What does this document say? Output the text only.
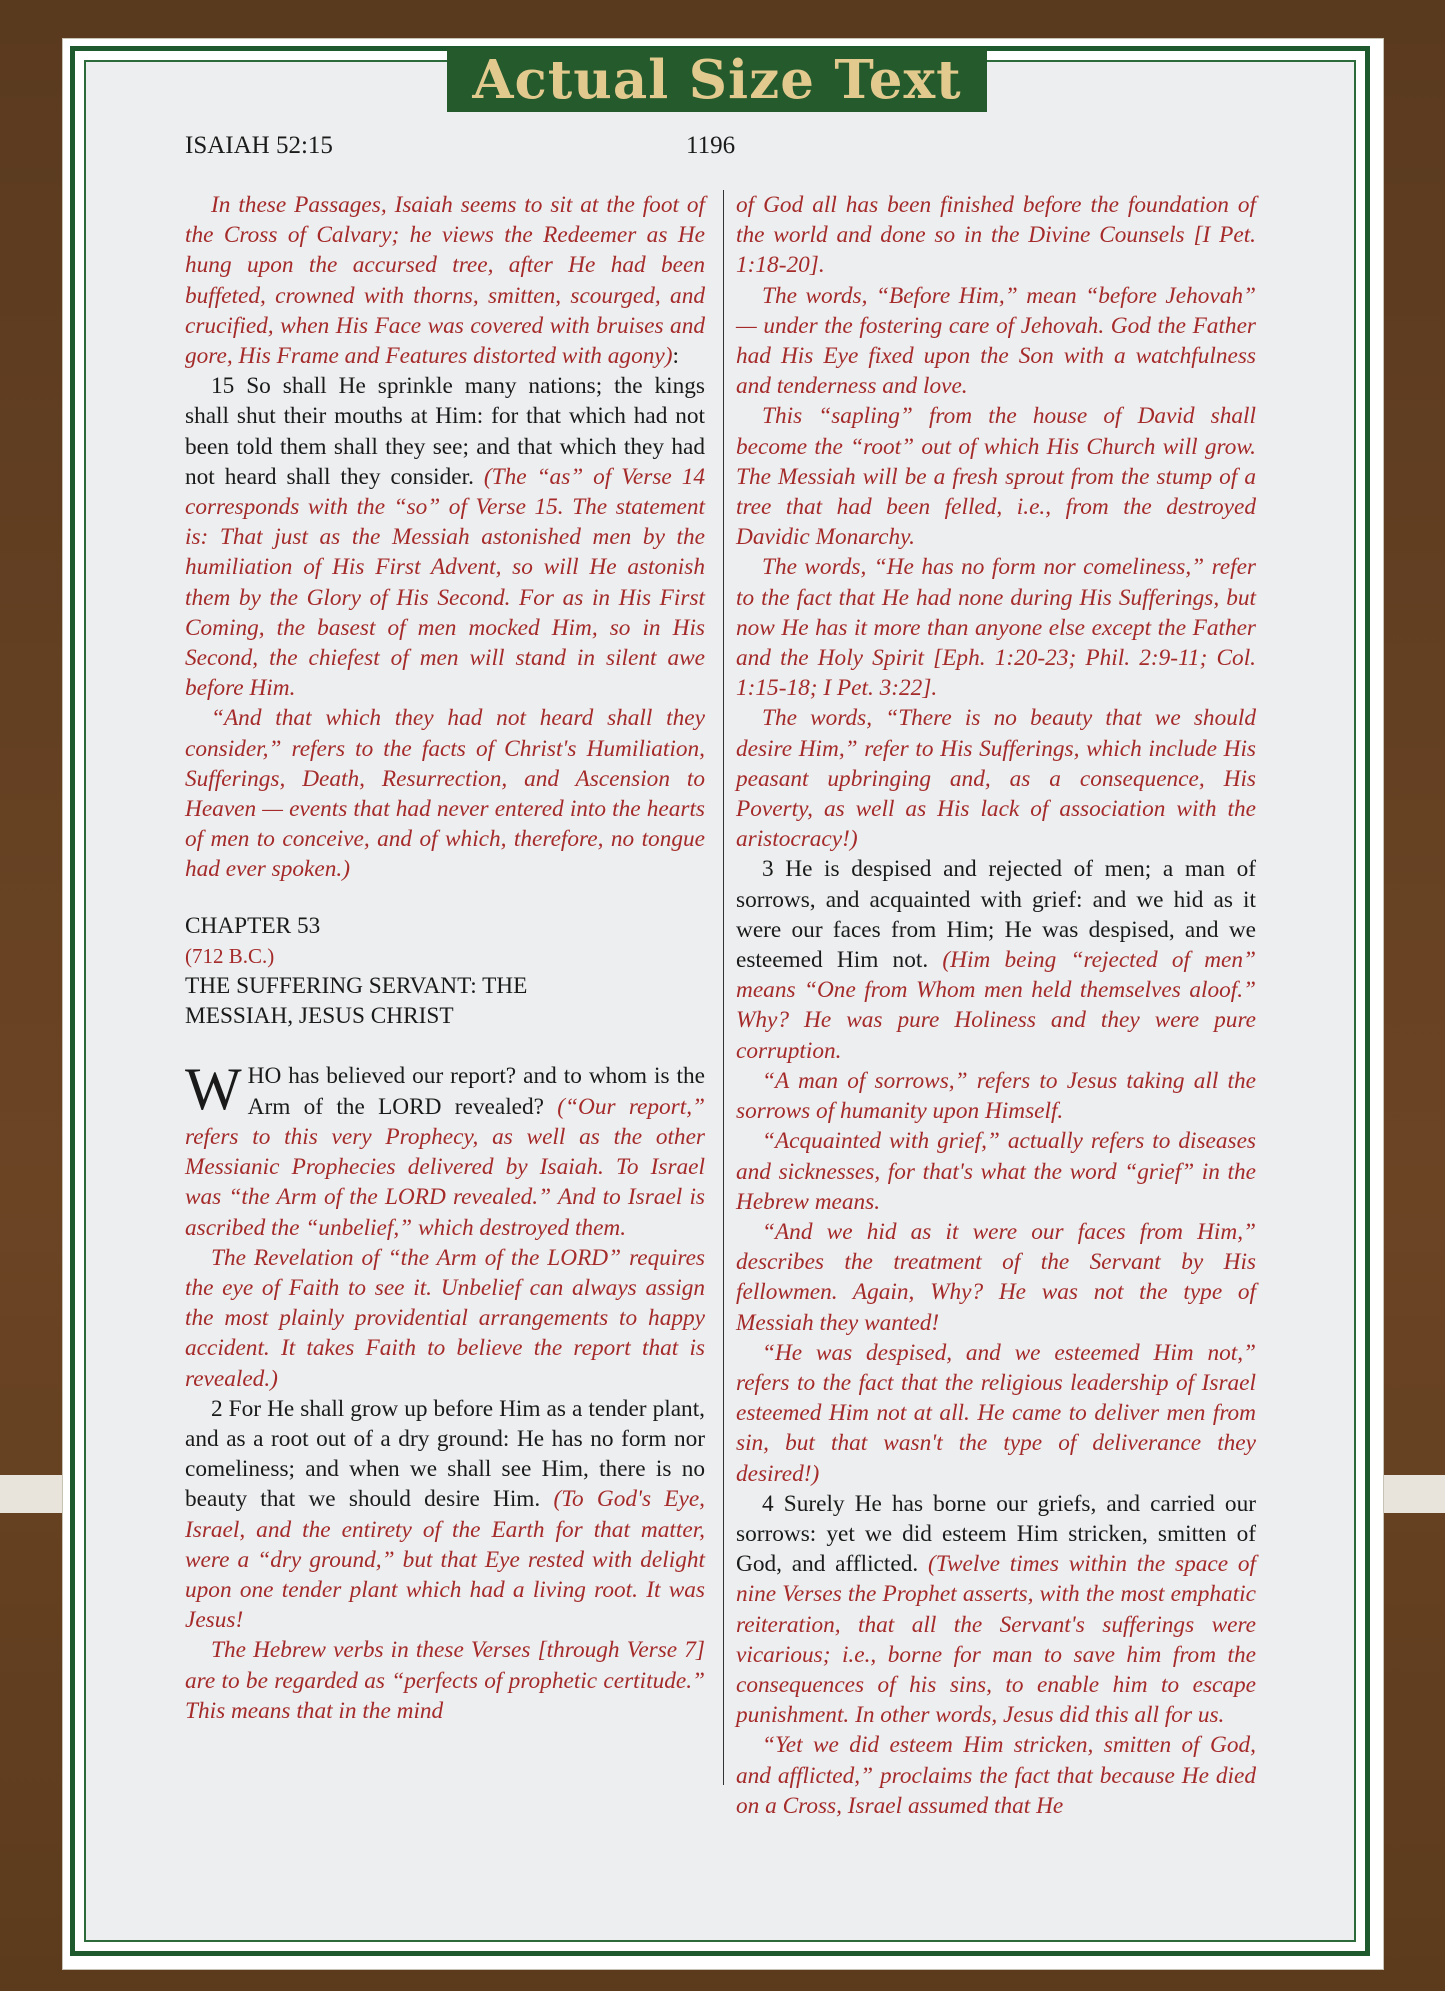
Actual Size Text
ISAIAH 52:15	1196

In these Passages, Isaiah seems to sit at the foot of the Cross of Calvary; he views the Redeemer as He hung upon the accursed tree, after He had been buffeted, crowned with thorns, smitten, scourged, and crucified, when His Face was covered with bruises and gore, His Frame and Features distorted with agony):

15 So shall He sprinkle many nations; the kings shall shut their mouths at Him: for that which had not been told them shall they see; and that which they had not heard shall they consider. (The “as” of Verse 14 corresponds with the “so” of Verse 15. The statement is: That just as the Messiah astonished men by the humiliation of His First Advent, so will He astonish them by the Glory of His Second. For as in His First Coming, the basest of men mocked Him, so in His Second, the chiefest of men will stand in silent awe before Him.

“And that which they had not heard shall they consider,” refers to the facts of Christ's Humiliation, Sufferings, Death, Resurrection, and Ascension to Heaven — events that had never entered into the hearts of men to conceive, and of which, therefore, no tongue had ever spoken.)

CHAPTER 53

(712 B.C.)

THE SUFFERING SERVANT: THE

MESSIAH, JESUS CHRIST

WHO has believed our report? and to whom is the Arm of the LORD revealed? (“Our report,” refers to this very Prophecy, as well as the other Messianic Prophecies delivered by Isaiah. To Israel was “the Arm of the LORD revealed.” And to Israel is ascribed the “unbelief,” which destroyed them.

The Revelation of “the Arm of the LORD” requires the eye of Faith to see it. Unbelief can always assign the most plainly providential arrangements to happy accident. It takes Faith to believe the report that is revealed.)

2 For He shall grow up before Him as a tender plant, and as a root out of a dry ground: He has no form nor comeliness; and when we shall see Him, there is no beauty that we should desire Him. (To God's Eye, Israel, and the entirety of the Earth for that matter, were a “dry ground,” but that Eye rested with delight upon one tender plant which had a living root. It was Jesus!

The Hebrew verbs in these Verses [through Verse 7] are to be regarded as “perfects of prophetic certitude.” This means that in the mind

of God all has been finished before the foundation of the world and done so in the Divine Counsels [I Pet. 1:18-20].

The words, “Before Him,” mean “before Jehovah” — under the fostering care of Jehovah. God the Father had His Eye fixed upon the Son with a watchfulness and tenderness and love.

This “sapling” from the house of David shall become the “root” out of which His Church will grow. The Messiah will be a fresh sprout from the stump of a tree that had been felled, i.e., from the destroyed Davidic Monarchy.

The words, “He has no form nor comeliness,” refer to the fact that He had none during His Sufferings, but now He has it more than anyone else except the Father and the Holy Spirit [Eph. 1:20-23; Phil. 2:9-11; Col. 1:15-18; I Pet. 3:22].

The words, “There is no beauty that we should desire Him,” refer to His Sufferings, which include His peasant upbringing and, as a consequence, His Poverty, as well as His lack of association with the aristocracy!)

3 He is despised and rejected of men; a man of sorrows, and acquainted with grief: and we hid as it were our faces from Him; He was despised, and we esteemed Him not. (Him being “rejected of men” means “One from Whom men held themselves aloof.” Why? He was pure Holiness and they were pure corruption.

“A man of sorrows,” refers to Jesus taking all the sorrows of humanity upon Himself.

“Acquainted with grief,” actually refers to diseases and sicknesses, for that's what the word “grief” in the Hebrew means.

“And we hid as it were our faces from Him,” describes the treatment of the Servant by His fellowmen. Again, Why? He was not the type of Messiah they wanted!

“He was despised, and we esteemed Him not,” refers to the fact that the religious leadership of Israel esteemed Him not at all. He came to deliver men from sin, but that wasn't the type of deliverance they desired!)

4 Surely He has borne our griefs, and carried our sorrows: yet we did esteem Him stricken, smitten of God, and afflicted. (Twelve times within the space of nine Verses the Prophet asserts, with the most emphatic reiteration, that all the Servant's sufferings were vicarious; i.e., borne for man to save him from the consequences of his sins, to enable him to escape punishment. In other words, Jesus did this all for us.

“Yet we did esteem Him stricken, smitten of God, and afflicted,” proclaims the fact that because He died on a Cross, Israel assumed that He
